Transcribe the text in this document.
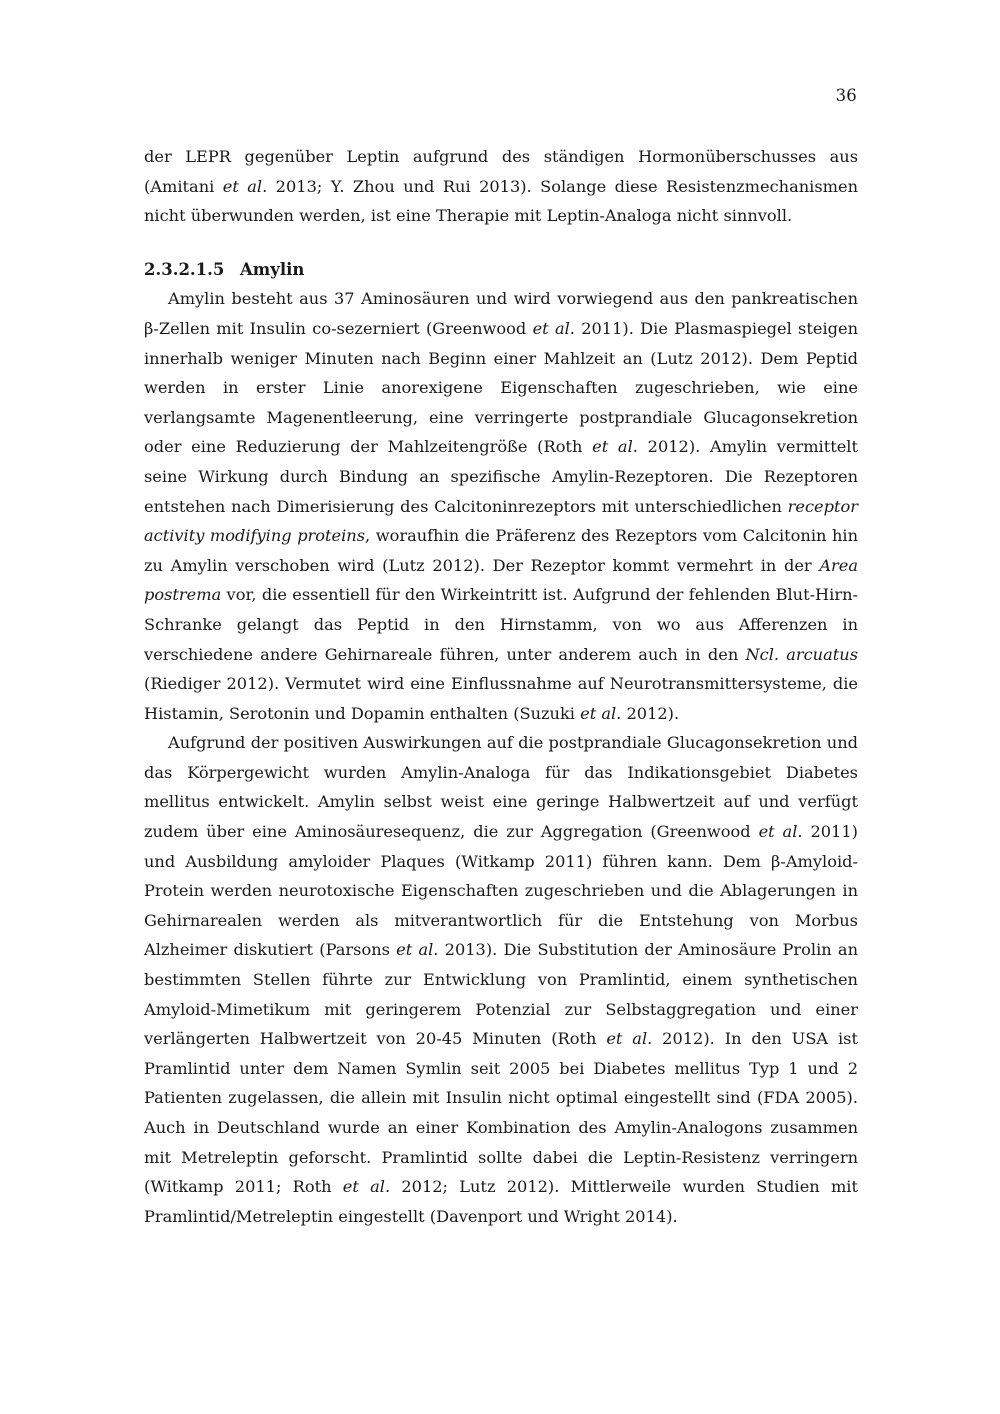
36

der LEPR gegenüber Leptin aufgrund des ständigen Hormonüberschusses aus (Amitani et al. 2013; Y. Zhou und Rui 2013). Solange diese Resistenzmechanismen nicht überwunden werden, ist eine Therapie mit Leptin-Analoga nicht sinnvoll.

2.3.2.1.5 Amylin

Amylin besteht aus 37 Aminosäuren und wird vorwiegend aus den pankreatischen β-Zellen mit Insulin co-sezerniert (Greenwood et al. 2011). Die Plasmaspiegel steigen innerhalb weniger Minuten nach Beginn einer Mahlzeit an (Lutz 2012). Dem Peptid werden in erster Linie anorexigene Eigenschaften zugeschrieben, wie eine verlangsamte Magenentleerung, eine verringerte postprandiale Glucagonsekretion oder eine Reduzierung der Mahlzeitengröße (Roth et al. 2012). Amylin vermittelt seine Wirkung durch Bindung an spezifische Amylin-Rezeptoren. Die Rezeptoren entstehen nach Dimerisierung des Calcitoninrezeptors mit unterschiedlichen receptor activity modifying proteins, woraufhin die Präferenz des Rezeptors vom Calcitonin hin zu Amylin verschoben wird (Lutz 2012). Der Rezeptor kommt vermehrt in der Area postrema vor, die essentiell für den Wirkeintritt ist. Aufgrund der fehlenden Blut-Hirn-Schranke gelangt das Peptid in den Hirnstamm, von wo aus Afferenzen in verschiedene andere Gehirnareale führen, unter anderem auch in den Ncl. arcuatus (Riediger 2012). Vermutet wird eine Einflussnahme auf Neurotransmittersysteme, die Histamin, Serotonin und Dopamin enthalten (Suzuki et al. 2012).

Aufgrund der positiven Auswirkungen auf die postprandiale Glucagonsekretion und das Körpergewicht wurden Amylin-Analoga für das Indikationsgebiet Diabetes mellitus entwickelt. Amylin selbst weist eine geringe Halbwertzeit auf und verfügt zudem über eine Aminosäuresequenz, die zur Aggregation (Greenwood et al. 2011) und Ausbildung amyloider Plaques (Witkamp 2011) führen kann. Dem β-Amyloid-Protein werden neurotoxische Eigenschaften zugeschrieben und die Ablagerungen in Gehirnarealen werden als mitverantwortlich für die Entstehung von Morbus Alzheimer diskutiert (Parsons et al. 2013). Die Substitution der Aminosäure Prolin an bestimmten Stellen führte zur Entwicklung von Pramlintid, einem synthetischen Amyloid-Mimetikum mit geringerem Potenzial zur Selbstaggregation und einer verlängerten Halbwertzeit von 20-45 Minuten (Roth et al. 2012). In den USA ist Pramlintid unter dem Namen Symlin seit 2005 bei Diabetes mellitus Typ 1 und 2 Patienten zugelassen, die allein mit Insulin nicht optimal eingestellt sind (FDA 2005). Auch in Deutschland wurde an einer Kombination des Amylin-Analogons zusammen mit Metreleptin geforscht. Pramlintid sollte dabei die Leptin-Resistenz verringern (Witkamp 2011; Roth et al. 2012; Lutz 2012). Mittlerweile wurden Studien mit Pramlintid/Metreleptin eingestellt (Davenport und Wright 2014).
